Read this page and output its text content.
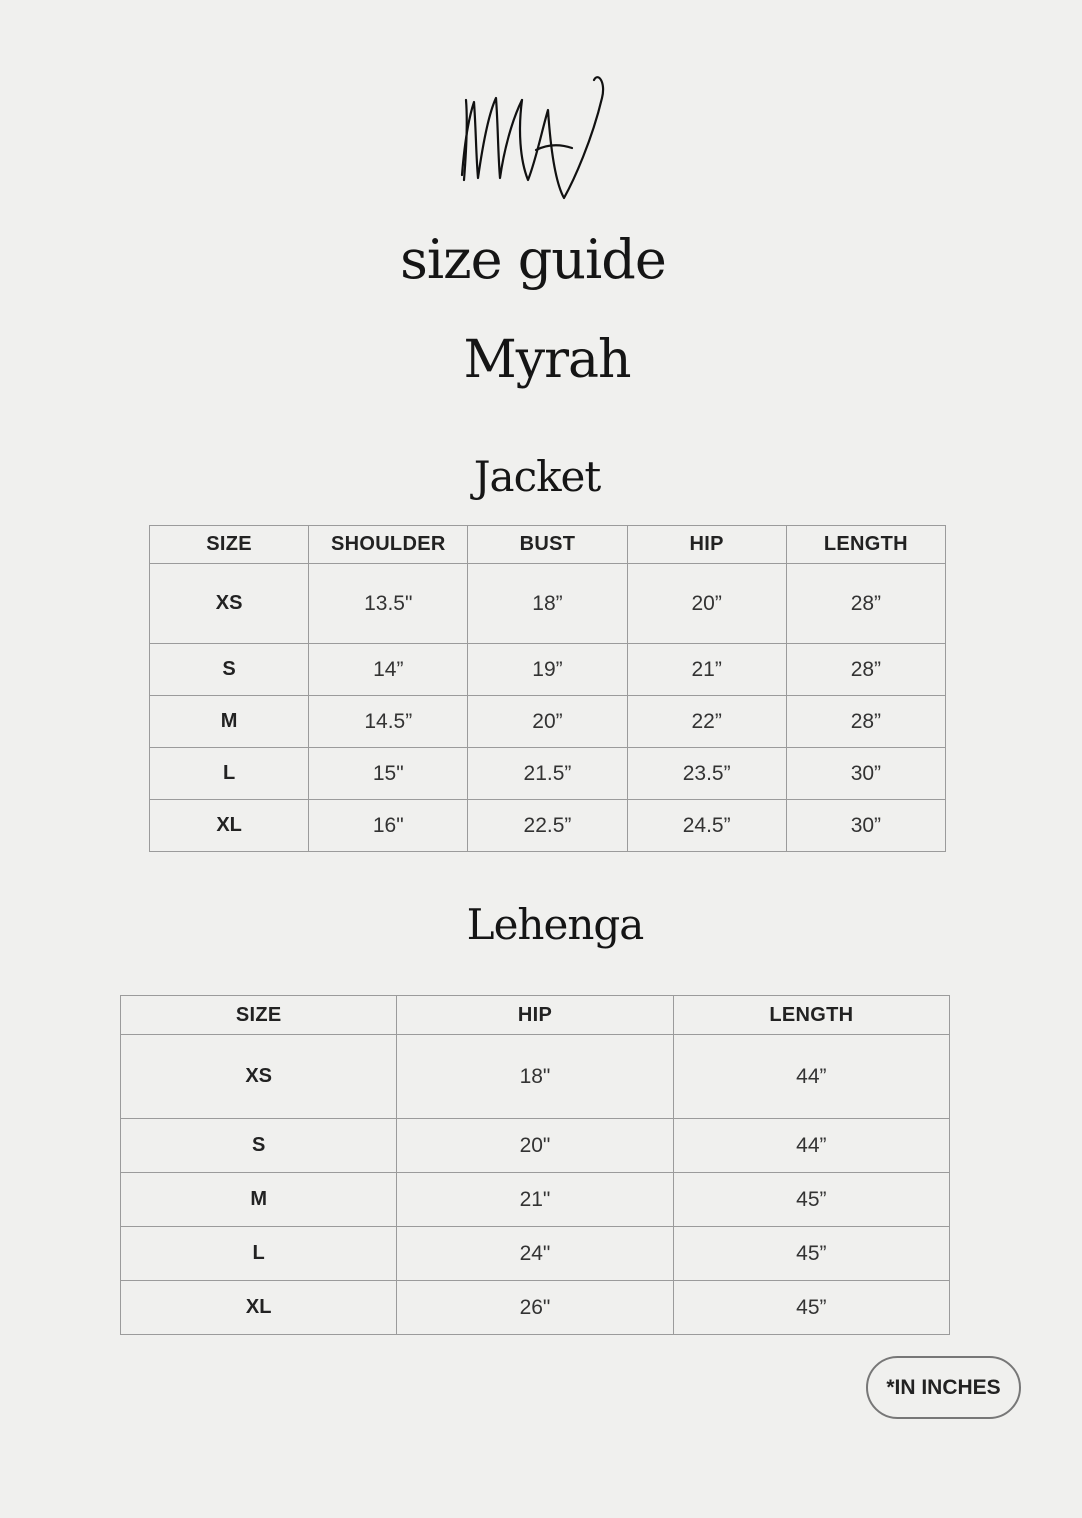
size guide
Myrah
Jacket
SIZE	SHOULDER	BUST	HIP	LENGTH
XS	13.5"	18”	20”	28”
S	14”	19”	21”	28”
M	14.5”	20”	22”	28”
L	15"	21.5”	23.5”	30”
XL	16"	22.5”	24.5”	30”
Lehenga
SIZE	HIP	LENGTH
XS	18"	44”
S	20"	44”
M	21"	45”
L	24"	45”
XL	26"	45”
*IN INCHES
